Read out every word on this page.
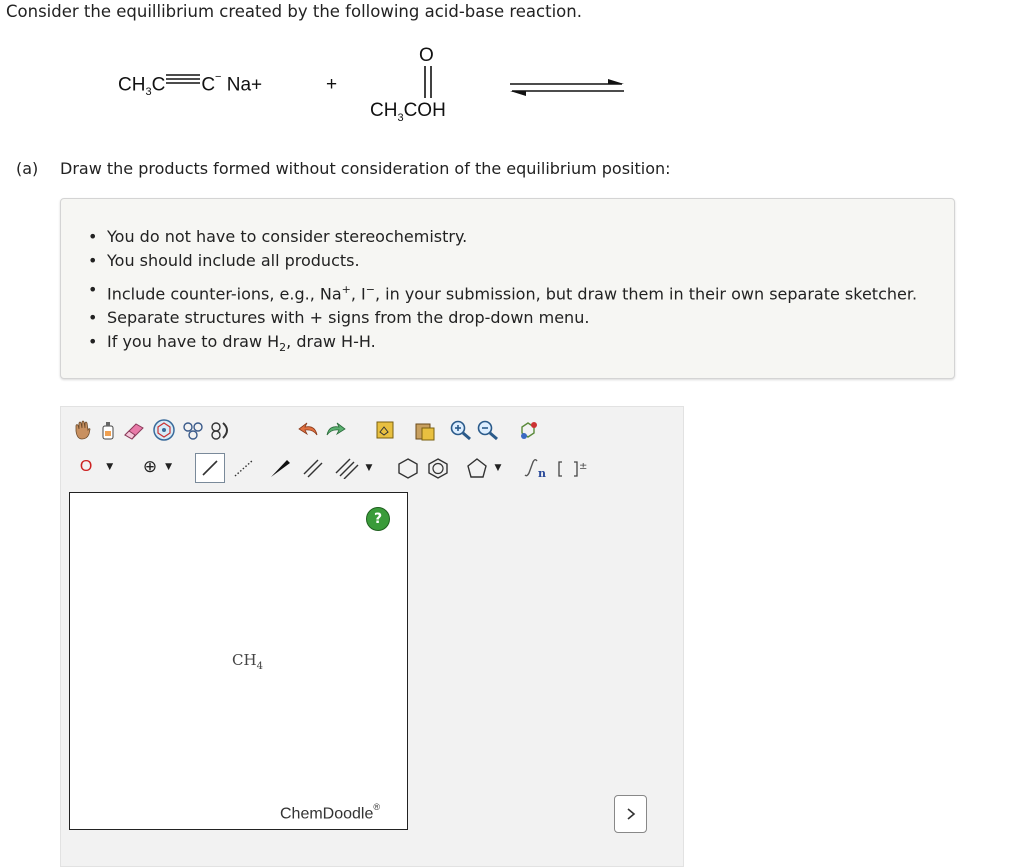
Consider the equillibrium created by the following acid-base reaction.
$CH_3C$ C− Na+	+
O
$CH_3COH$
(a) Draw the products formed without consideration of the equilibrium position:
• You do not have to consider stereochemistry.
• You should include all products.
• Include counter-ions, e.g., Na+, I−, in your submission, but draw them in their own separate sketcher.
• Separate structures with + signs from the drop-down menu.
• If you have to draw $H_2$, draw H-H.
O ▼ ⊕ ▼	▼	▼	n
±
?
$CH_4$
ChemDoodle®
